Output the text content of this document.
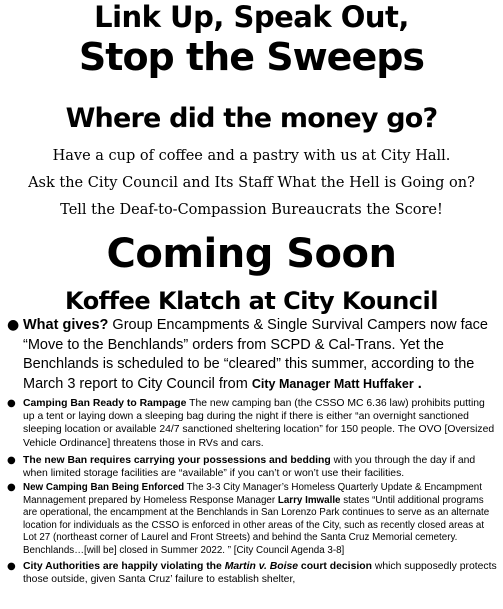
Link Up, Speak Out,
Stop the Sweeps
Where did the money go?
Have a cup of coffee and a pastry with us at City Hall.
Ask the City Council and Its Staff What the Hell is Going on?
Tell the Deaf-to-Compassion Bureaucrats the Score!
Coming Soon
Koffee Klatch at City Kouncil
● What gives? Group Encampments & Single Survival Campers now face “Move to the Benchlands” orders from SCPD & Cal-Trans. Yet the Benchlands is scheduled to be “cleared” this summer, according to the March 3 report to City Council from City Manager Matt Huffaker .
● Camping Ban Ready to Rampage The new camping ban (the CSSO MC 6.36 law) prohibits putting up a tent or laying down a sleeping bag during the night if there is either “an overnight sanctioned sleeping location or available 24/7 sanctioned sheltering location” for 150 people. The OVO [Oversized Vehicle Ordinance] threatens those in RVs and cars.
● The new Ban requires carrying your possessions and bedding with you through the day if and when limited storage facilities are “available” if you can’t or won’t use their facilities.
● New Camping Ban Being Enforced The 3-3 City Manager’s Homeless Quarterly Update & Encampment Mannagement prepared by Homeless Response Manager Larry Imwalle states “Until additional programs are operational, the encampment at the Benchlands in San Lorenzo Park continues to serve as an alternate location for individuals as the CSSO is enforced in other areas of the City, such as recently closed areas at Lot 27 (northeast corner of Laurel and Front Streets) and behind the Santa Cruz Memorial cemetery. Benchlands…[will be] closed in Summer 2022. ” [City Council Agenda 3-8]
● City Authorities are happily violating the Martin v. Boise court decision which supposedly protects those outside, given Santa Cruz’ failure to establish shelter,
